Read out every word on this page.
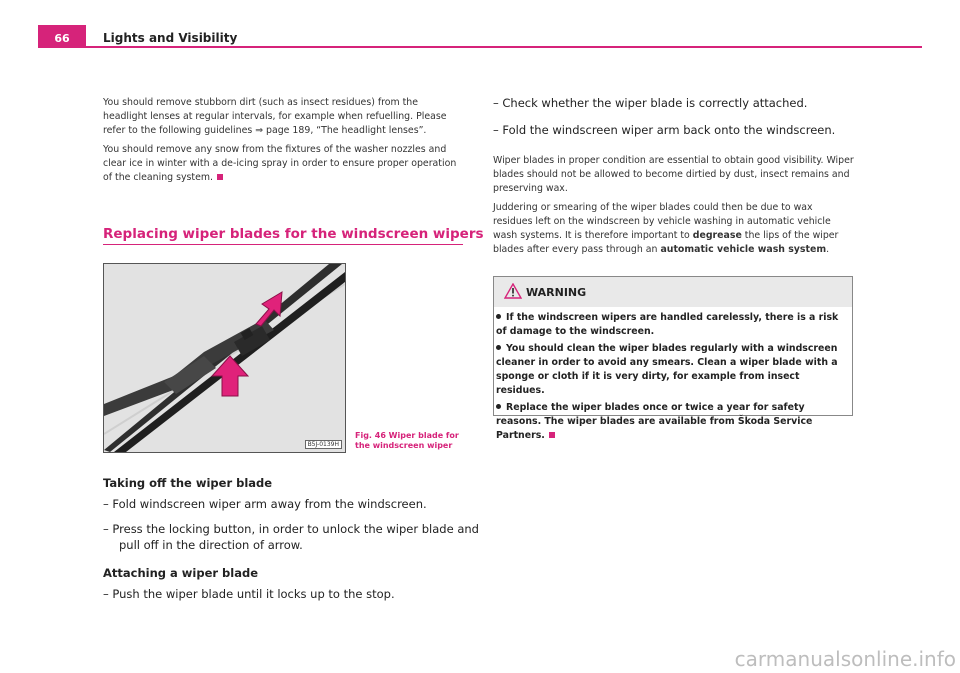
66	Lights and Visibility

You should remove stubborn dirt (such as insect residues) from the headlight lenses at regular intervals, for example when refuelling. Please refer to the following guidelines ⇒ page 189, “The headlight lenses”.

You should remove any snow from the fixtures of the washer nozzles and clear ice in winter with a de-icing spray in order to ensure proper operation of the cleaning system.

Replacing wiper blades for the windscreen wipers
B5J-0139H
Fig. 46 Wiper blade for
the windscreen wiper
Taking off the wiper blade

– Fold windscreen wiper arm away from the windscreen.

– Press the locking button, in order to unlock the wiper blade and pull off in the direction of arrow.

Attaching a wiper blade

– Push the wiper blade until it locks up to the stop.

– Check whether the wiper blade is correctly attached.

– Fold the windscreen wiper arm back onto the windscreen.

Wiper blades in proper condition are essential to obtain good visibility. Wiper blades should not be allowed to become dirtied by dust, insect remains and preserving wax.

Juddering or smearing of the wiper blades could then be due to wax residues left on the windscreen by vehicle washing in automatic vehicle wash systems. It is therefore important to degrease the lips of the wiper blades after every pass through an automatic vehicle wash system.

WARNING

If the windscreen wipers are handled carelessly, there is a risk of damage to the windscreen.

You should clean the wiper blades regularly with a windscreen cleaner in order to avoid any smears. Clean a wiper blade with a sponge or cloth if it is very dirty, for example from insect residues.

Replace the wiper blades once or twice a year for safety reasons. The wiper blades are available from Škoda Service Partners.

carmanualsonline.info
